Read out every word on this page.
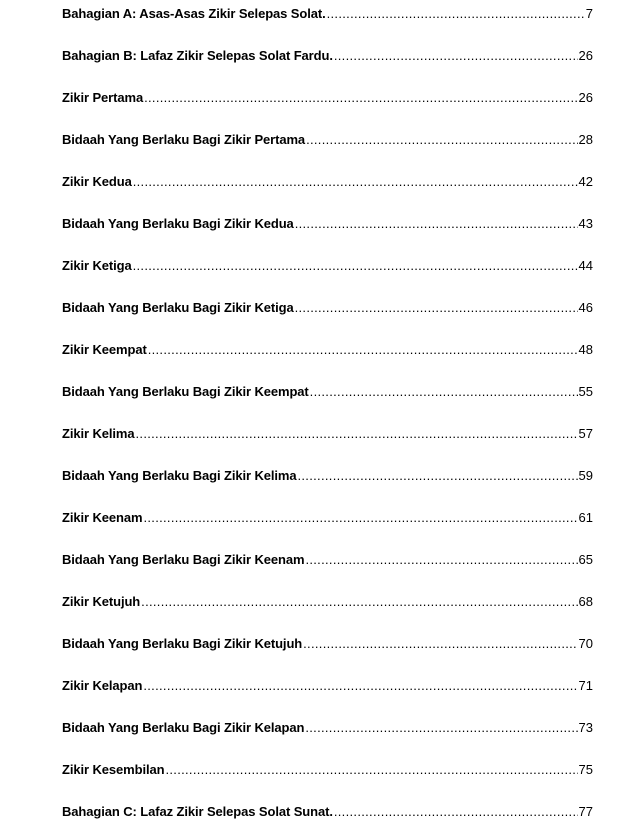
Bahagian A: Asas-Asas Zikir Selepas Solat. .....	7
Bahagian B: Lafaz Zikir Selepas Solat Fardu. .....	26
Zikir Pertama .....	26
Bidaah Yang Berlaku Bagi Zikir Pertama .....	28
Zikir Kedua .....	42
Bidaah Yang Berlaku Bagi Zikir Kedua .....	43
Zikir Ketiga .....	44
Bidaah Yang Berlaku Bagi Zikir Ketiga .....	46
Zikir Keempat .....	48
Bidaah Yang Berlaku Bagi Zikir Keempat .....	55
Zikir Kelima .....	57
Bidaah Yang Berlaku Bagi Zikir Kelima .....	59
Zikir Keenam .....	61
Bidaah Yang Berlaku Bagi Zikir Keenam .....	65
Zikir Ketujuh .....	68
Bidaah Yang Berlaku Bagi Zikir Ketujuh .....	70
Zikir Kelapan .....	71
Bidaah Yang Berlaku Bagi Zikir Kelapan .....	73
Zikir Kesembilan .....	75
Bahagian C: Lafaz Zikir Selepas Solat Sunat. .....	77
